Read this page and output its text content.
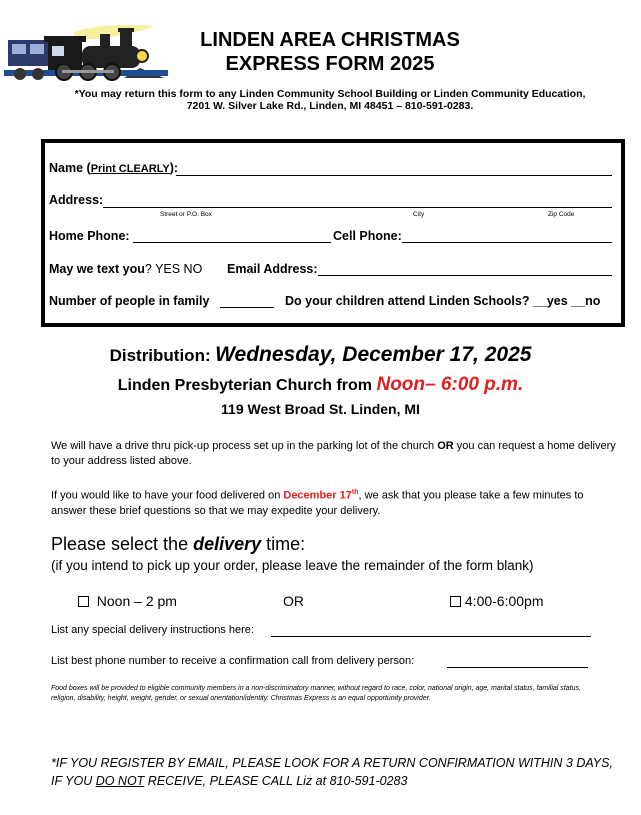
LINDEN AREA CHRISTMAS
EXPRESS FORM 2025
*You may return this form to any Linden Community School Building or Linden Community Education,
7201 W. Silver Lake Rd., Linden, MI 48451 – 810-591-0283.
Name (Print CLEARLY):
Address:
Street or P.O. Box	City	Zip Code
Home Phone:	Cell Phone:
May we text you? YES NO Email Address:
Number of people in family	Do your children attend Linden Schools? __yes __no
Distribution: Wednesday, December 17, 2025
Linden Presbyterian Church from Noon– 6:00 p.m.
119 West Broad St. Linden, MI
We will have a drive thru pick-up process set up in the parking lot of the church OR you can request a home delivery to your address listed above.
If you would like to have your food delivered on December 17th, we ask that you please take a few minutes to answer these brief questions so that we may expedite your delivery.
Please select the delivery time:
(if you intend to pick up your order, please leave the remainder of the form blank)
Noon – 2 pm	OR	4:00-6:00pm
List any special delivery instructions here:
List best phone number to receive a confirmation call from delivery person:
Food boxes will be provided to eligible community members in a non-discriminatory manner, without regard to race, color, national origin, age, marital status, familial status, religion, disability, height, weight, gender, or sexual orientation/identity. Christmas Express is an equal opportunity provider.
*IF YOU REGISTER BY EMAIL, PLEASE LOOK FOR A RETURN CONFIRMATION WITHIN 3 DAYS,
IF YOU DO NOT RECEIVE, PLEASE CALL Liz at 810-591-0283
